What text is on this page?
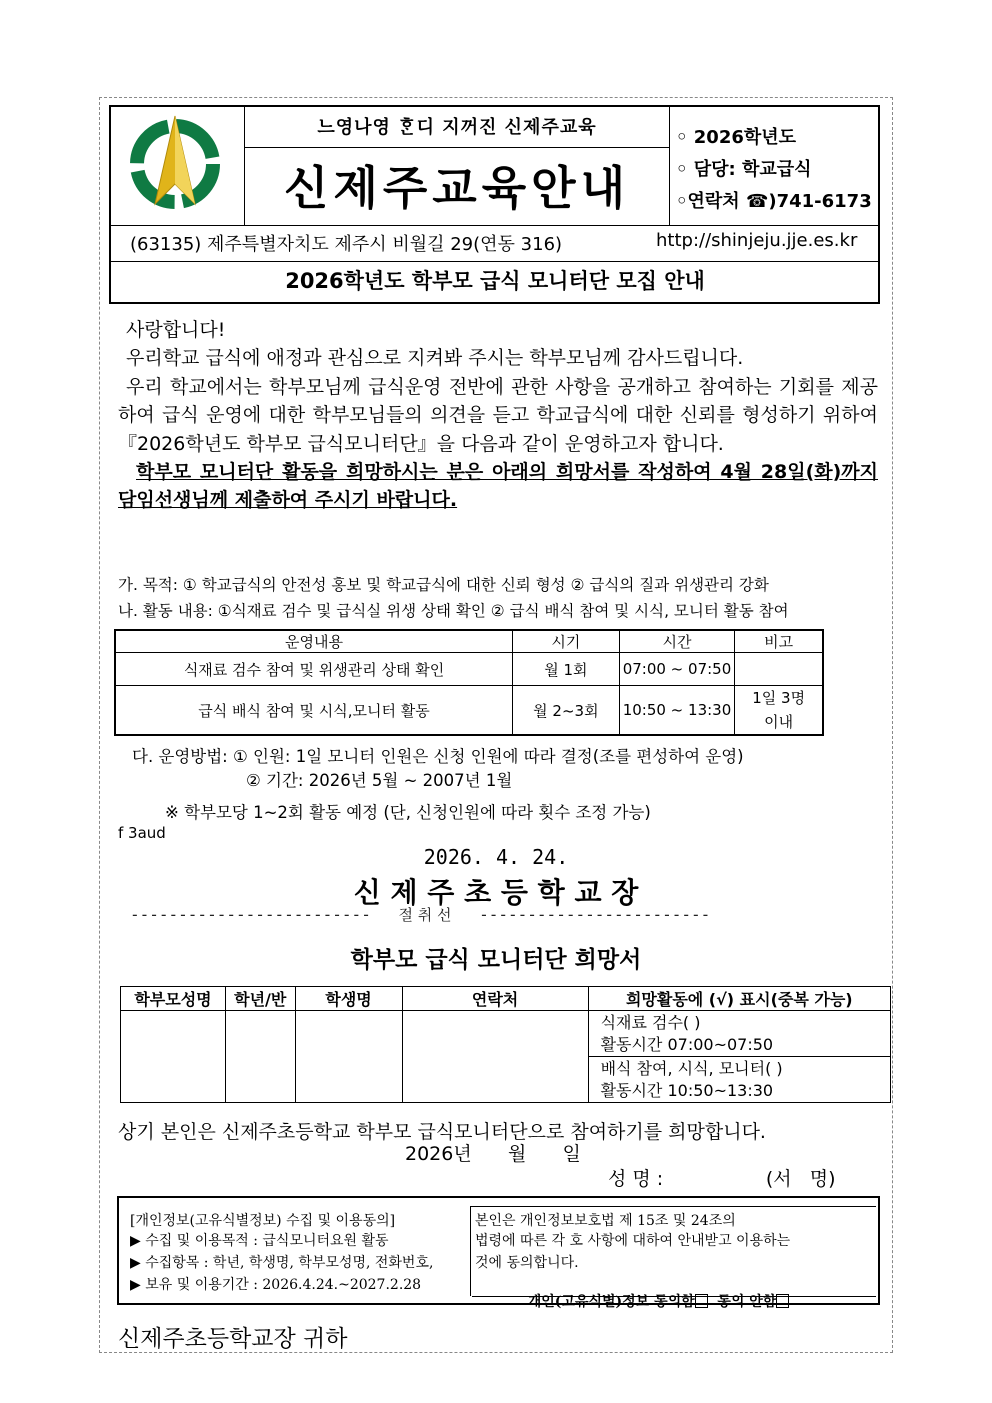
느영나영 ᄒᆞᆫ디 지꺼진 신제주교육
신제주교육안내
◦ 2026학년도
◦ 담당: 학교급식
◦연락처 ☎)741-6173
(63135) 제주특별자치도 제주시 비월길 29(연동 316)	http://shinjeju.jje.es.kr
2026학년도 학부모 급식 모니터단 모집 안내

사랑합니다!

우리학교 급식에 애정과 관심으로 지켜봐 주시는 학부모님께 감사드립니다.

우리 학교에서는 학부모님께 급식운영 전반에 관한 사항을 공개하고 참여하는 기회를 제공하여 급식 운영에 대한 학부모님들의 의견을 듣고 학교급식에 대한 신뢰를 형성하기 위하여 『2026학년도 학부모 급식모니터단』을 다음과 같이 운영하고자 합니다.

학부모 모니터단 활동을 희망하시는 분은 아래의 희망서를 작성하여 4월 28일(화)까지 담임선생님께 제출하여 주시기 바랍니다.

가. 목적: ① 학교급식의 안전성 홍보 및 학교급식에 대한 신뢰 형성 ② 급식의 질과 위생관리 강화
나. 활동 내용: ①식재료 검수 및 급식실 위생 상태 확인 ② 급식 배식 참여 및 시식, 모니터 활동 참여
운영내용	시기	시간	비고
식재료 검수 참여 및 위생관리 상태 확인	월 1회	07:00 ~ 07:50	
급식 배식 참여 및 시식,모니터 활동	월 2~3회	10:50 ~ 13:30	1일 3명
이내
다. 운영방법: ① 인원: 1일 모니터 인원은 신청 인원에 따라 결정(조를 편성하여 운영)
② 기간: 2026년 5월 ~ 2007년 1월
※ 학부모당 1~2회 활동 예정 (단, 신청인원에 따라 횟수 조정 가능)
f 3aud
2026. 4. 24.
신 제 주 초 등 학 교 장
------------------------- 절 취 선 ------------------------
학부모 급식 모니터단 희망서
학부모성명	학년/반	학생명	연락처	희망활동에 (√) 표시(중복 가능)

				식재료 검수( )
활동시간 07:00~07:50

				배식 참여, 시식, 모니터( )
활동시간 10:50~13:30
상기 본인은 신제주초등학교 학부모 급식모니터단으로 참여하기를 희망합니다.
2026년      월      일
성 명 :                 (서   명)
[개인정보(고유식별정보) 수집 및 이용동의]
▶ 수집 및 이용목적 : 급식모니터요원 활동
▶ 수집항목 : 학년, 학생명, 학부모성명, 전화번호,
▶ 보유 및 이용기간 : 2026.4.24.~2027.2.28
본인은 개인정보보호법 제 15조 및 24조의
법령에 따른 각 호 사항에 대하여 안내받고 이용하는
것에 동의합니다.

개인(고유식별)정보 동의함  동의 안함

신제주초등학교장 귀하
